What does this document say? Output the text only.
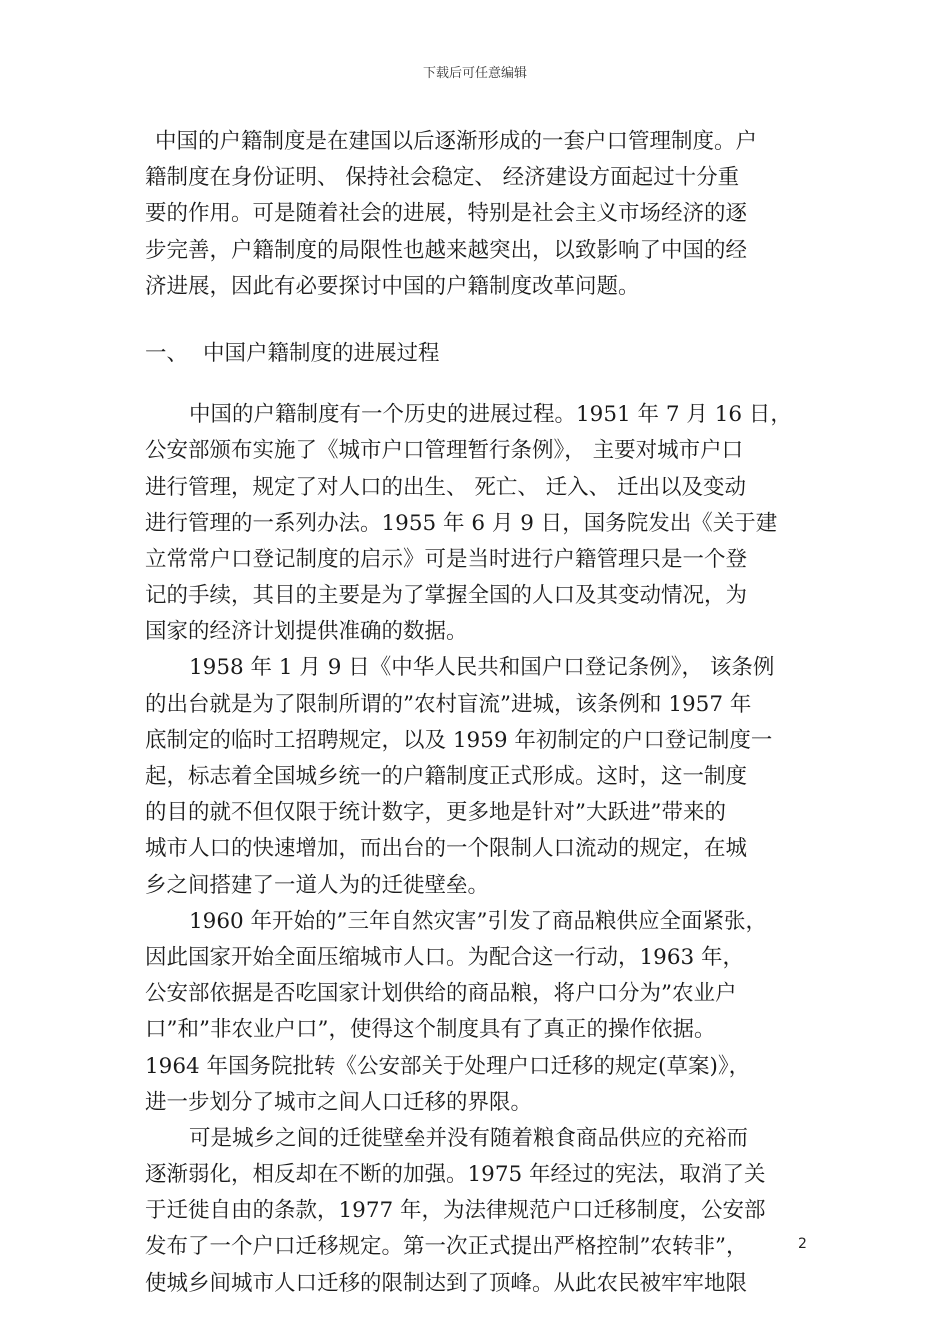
下载后可任意编辑
中国的户籍制度是在建国以后逐渐形成的一套户口管理制度。户
籍制度在身份证明、 保持社会稳定、 经济建设方面起过十分重
要的作用。可是随着社会的进展，特别是社会主义市场经济的逐
步完善，户籍制度的局限性也越来越突出，以致影响了中国的经
济进展，因此有必要探讨中国的户籍制度改革问题。
一、 中国户籍制度的进展过程
中国的户籍制度有一个历史的进展过程。1951 年 7 月 16 日，
公安部颁布实施了《城市户口管理暂行条例》， 主要对城市户口
进行管理，规定了对人口的出生、 死亡、 迁入、 迁出以及变动
进行管理的一系列办法。1955 年 6 月 9 日，国务院发出《关于建
立常常户口登记制度的启示》可是当时进行户籍管理只是一个登
记的手续，其目的主要是为了掌握全国的人口及其变动情况，为
国家的经济计划提供准确的数据。
1958 年 1 月 9 日《中华人民共和国户口登记条例》， 该条例
的出台就是为了限制所谓的”农村盲流”进城，该条例和 1957 年
底制定的临时工招聘规定，以及 1959 年初制定的户口登记制度一
起，标志着全国城乡统一的户籍制度正式形成。这时，这一制度
的目的就不但仅限于统计数字，更多地是针对”大跃进”带来的
城市人口的快速增加，而出台的一个限制人口流动的规定，在城
乡之间搭建了一道人为的迁徙壁垒。
1960 年开始的”三年自然灾害”引发了商品粮供应全面紧张，
因此国家开始全面压缩城市人口。为配合这一行动，1963 年，
公安部依据是否吃国家计划供给的商品粮，将户口分为”农业户
口”和”非农业户口”，使得这个制度具有了真正的操作依据。
1964 年国务院批转《公安部关于处理户口迁移的规定(草案)》，
进一步划分了城市之间人口迁移的界限。
可是城乡之间的迁徙壁垒并没有随着粮食商品供应的充裕而
逐渐弱化，相反却在不断的加强。1975 年经过的宪法，取消了关
于迁徙自由的条款，1977 年，为法律规范户口迁移制度，公安部
发布了一个户口迁移规定。第一次正式提出严格控制”农转非”，
使城乡间城市人口迁移的限制达到了顶峰。从此农民被牢牢地限
2
